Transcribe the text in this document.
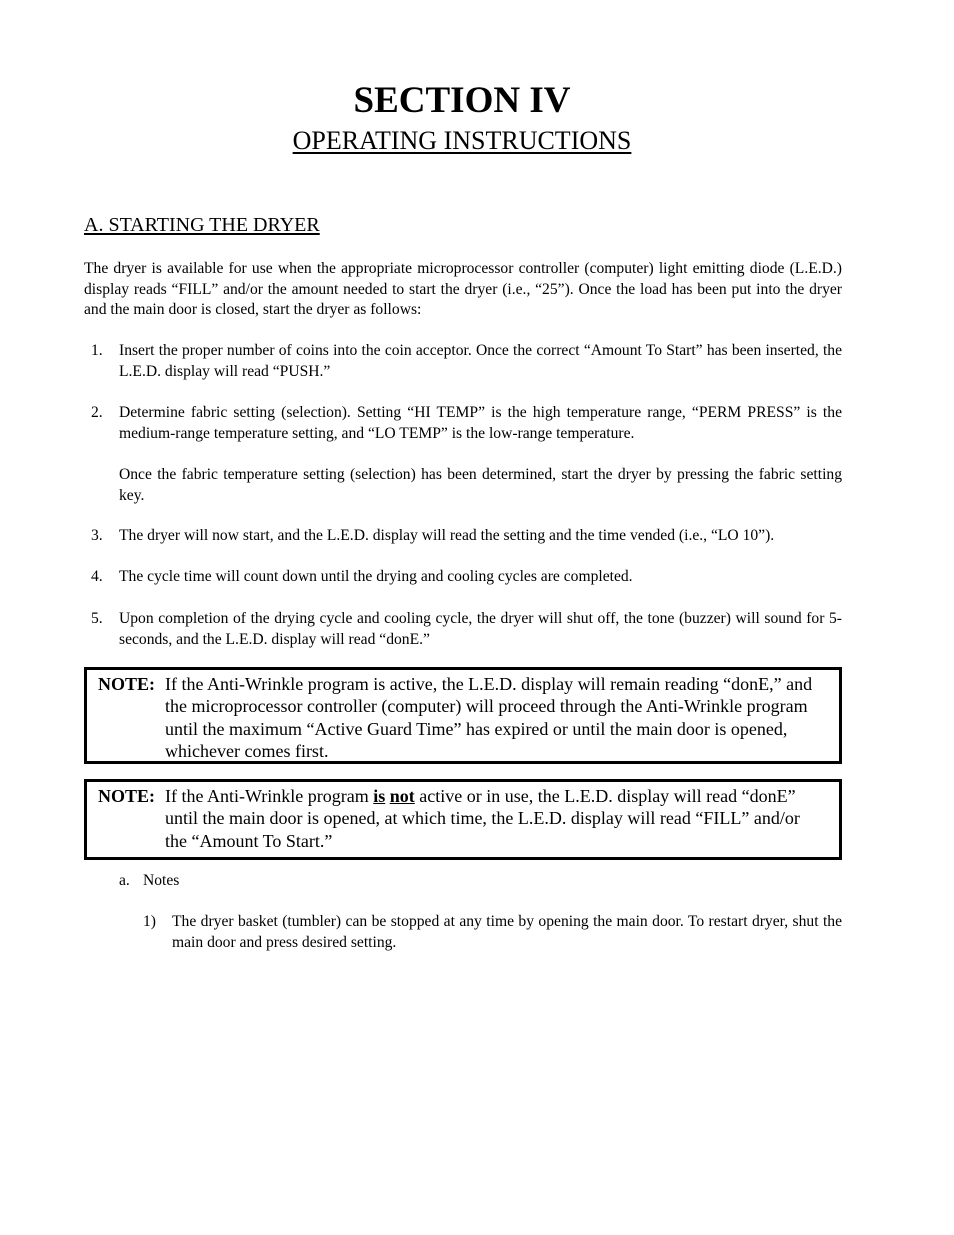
SECTION IV
OPERATING INSTRUCTIONS
A. STARTING THE DRYER
The dryer is available for use when the appropriate microprocessor controller (computer) light emitting diode (L.E.D.) display reads “FILL” and/or the amount needed to start the dryer (i.e., “25”). Once the load has been put into the dryer and the main door is closed, start the dryer as follows:
1. Insert the proper number of coins into the coin acceptor. Once the correct “Amount To Start” has been inserted, the L.E.D. display will read “PUSH.”

2. Determine fabric setting (selection). Setting “HI TEMP” is the high temperature range, “PERM PRESS” is the medium-range temperature setting, and “LO TEMP” is the low-range temperature.

Once the fabric temperature setting (selection) has been determined, start the dryer by pressing the fabric setting key.

3. The dryer will now start, and the L.E.D. display will read the setting and the time vended (i.e., “LO 10”).

4. The cycle time will count down until the drying and cooling cycles are completed.

5. Upon completion of the drying cycle and cooling cycle, the dryer will shut off, the tone (buzzer) will sound for 5-seconds, and the L.E.D. display will read “donE.”

NOTE: If the Anti-Wrinkle program is active, the L.E.D. display will remain reading “donE,” and the microprocessor controller (computer) will proceed through the Anti-Wrinkle program until the maximum “Active Guard Time” has expired or until the main door is opened, whichever comes first.
NOTE: If the Anti-Wrinkle program is not active or in use, the L.E.D. display will read “donE” until the main door is opened, at which time, the L.E.D. display will read “FILL” and/or the “Amount To Start.”
a. Notes
1) The dryer basket (tumbler) can be stopped at any time by opening the main door. To restart dryer, shut the main door and press desired setting.
